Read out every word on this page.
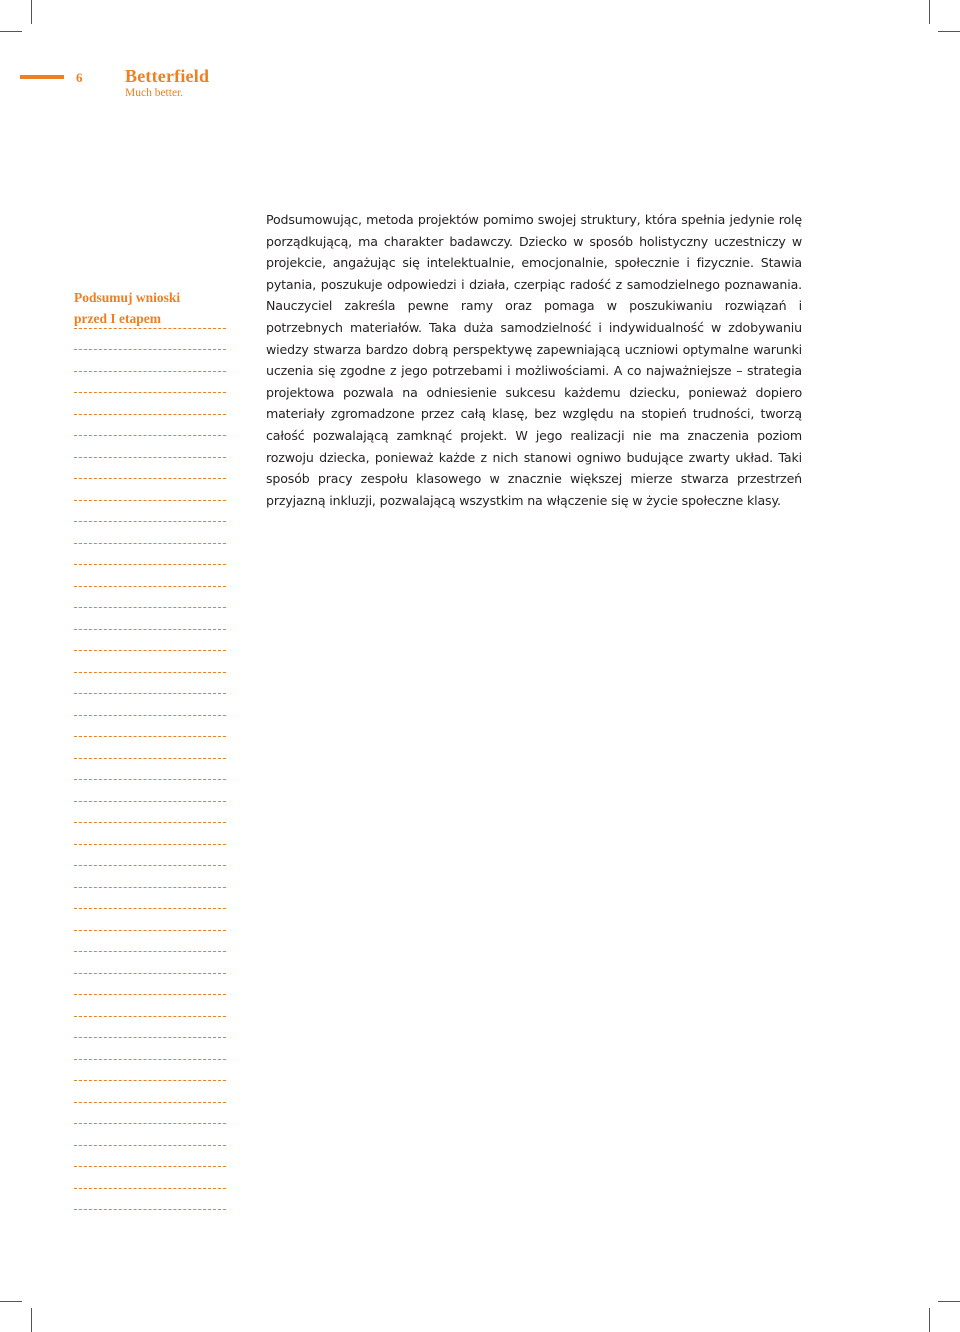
6 Betterfield
Much better.

Podsumuj wnioski
przed I etapem

Podsumowując, metoda projektów pomimo swojej struktury, która spełnia jedynie rolę porządkującą, ma charakter badawczy. Dziecko w sposób holistyczny uczestniczy w projekcie, angażując się intelektualnie, emocjonalnie, społecznie i fizycznie. Stawia pytania, poszukuje odpowiedzi i działa, czerpiąc radość z samodzielnego poznawania. Nauczyciel zakreśla pewne ramy oraz pomaga w poszukiwaniu rozwiązań i potrzebnych materiałów. Taka duża samodzielność i indywidualność w zdobywaniu wiedzy stwarza bardzo dobrą perspektywę zapewniającą uczniowi optymalne warunki uczenia się zgodne z jego potrzebami i możliwościami. A co najważniejsze – strategia projektowa pozwala na odniesienie sukcesu każdemu dziecku, ponieważ dopiero materiały zgromadzone przez całą klasę, bez względu na stopień trudności, tworzą całość pozwalającą zamknąć projekt. W jego realizacji nie ma znaczenia poziom rozwoju dziecka, ponieważ każde z nich stanowi ogniwo budujące zwarty układ. Taki sposób pracy zespołu klasowego w znacznie większej mierze stwarza przestrzeń przyjazną inkluzji, pozwalającą wszystkim na włączenie się w życie społeczne klasy.
